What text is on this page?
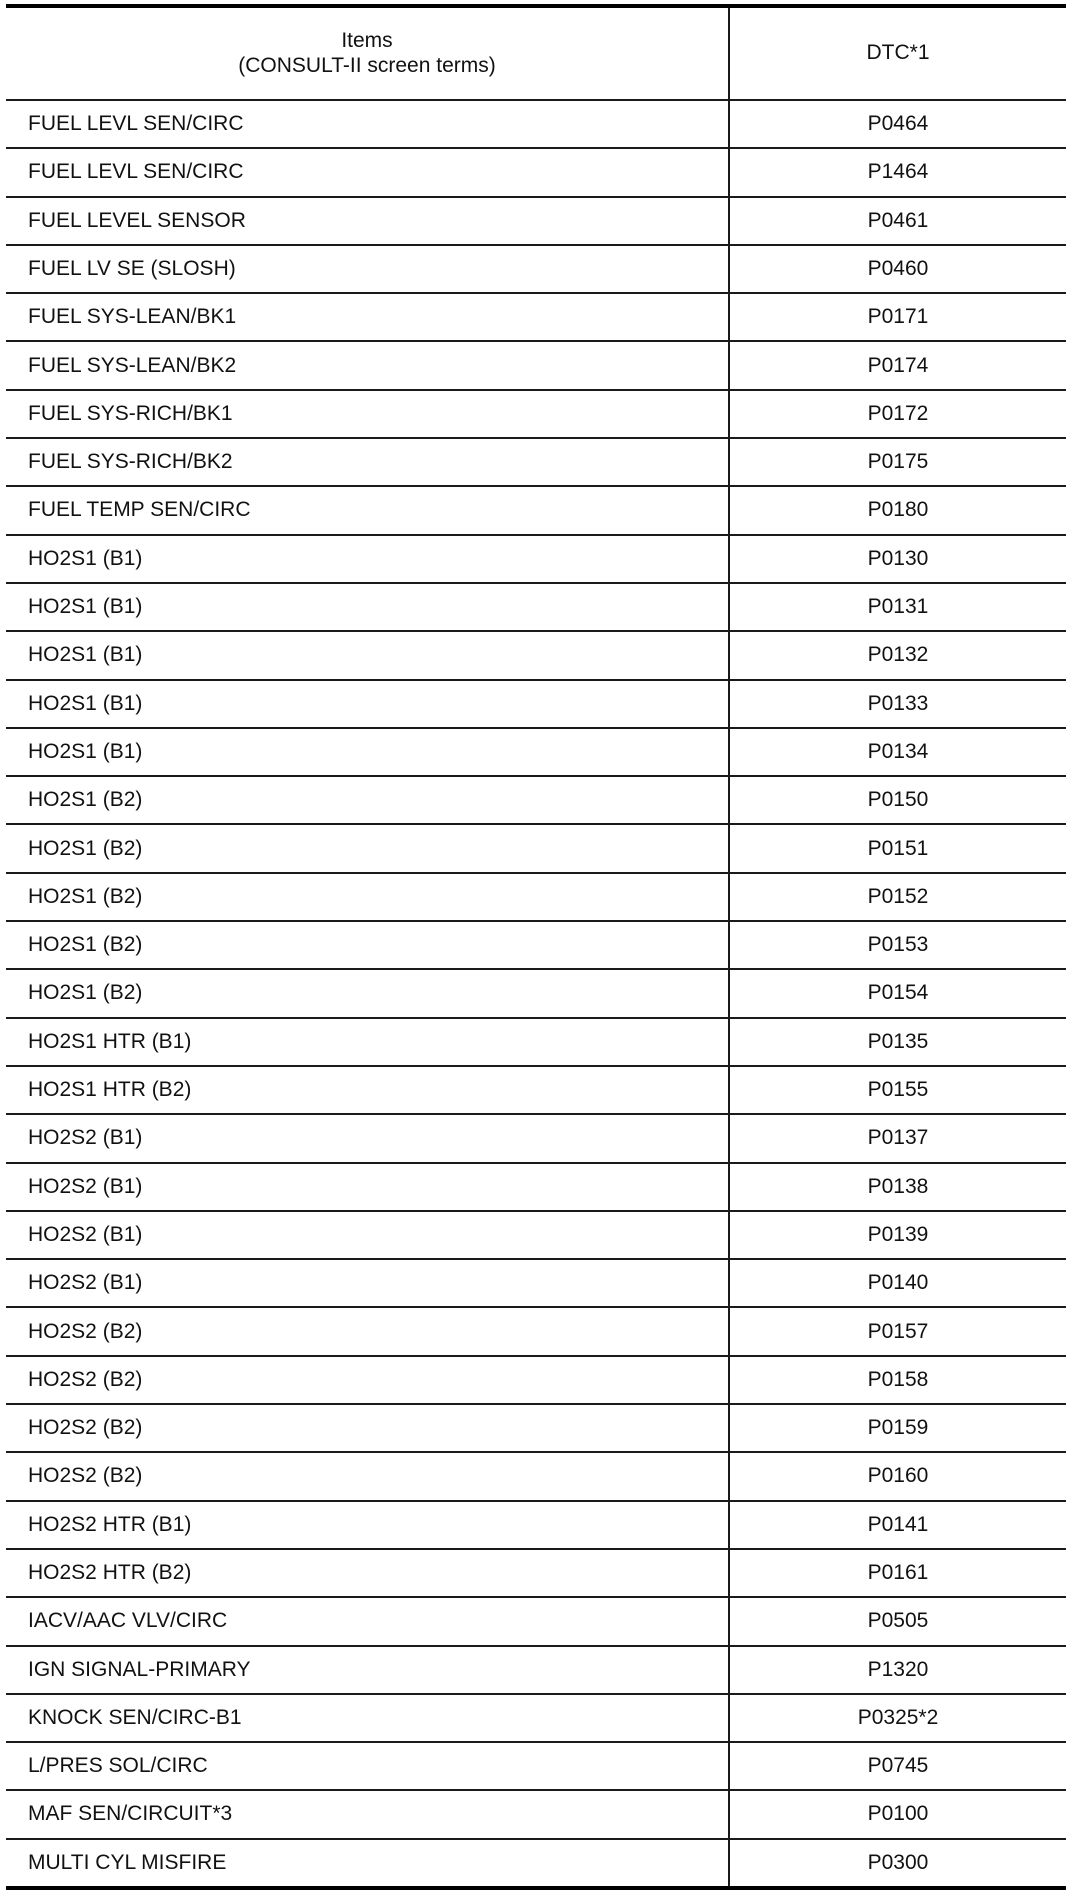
Items
(CONSULT-II screen terms)	DTC*1
FUEL LEVL SEN/CIRC	P0464
FUEL LEVL SEN/CIRC	P1464
FUEL LEVEL SENSOR	P0461
FUEL LV SE (SLOSH)	P0460
FUEL SYS-LEAN/BK1	P0171
FUEL SYS-LEAN/BK2	P0174
FUEL SYS-RICH/BK1	P0172
FUEL SYS-RICH/BK2	P0175
FUEL TEMP SEN/CIRC	P0180
HO2S1 (B1)	P0130
HO2S1 (B1)	P0131
HO2S1 (B1)	P0132
HO2S1 (B1)	P0133
HO2S1 (B1)	P0134
HO2S1 (B2)	P0150
HO2S1 (B2)	P0151
HO2S1 (B2)	P0152
HO2S1 (B2)	P0153
HO2S1 (B2)	P0154
HO2S1 HTR (B1)	P0135
HO2S1 HTR (B2)	P0155
HO2S2 (B1)	P0137
HO2S2 (B1)	P0138
HO2S2 (B1)	P0139
HO2S2 (B1)	P0140
HO2S2 (B2)	P0157
HO2S2 (B2)	P0158
HO2S2 (B2)	P0159
HO2S2 (B2)	P0160
HO2S2 HTR (B1)	P0141
HO2S2 HTR (B2)	P0161
IACV/AAC VLV/CIRC	P0505
IGN SIGNAL-PRIMARY	P1320
KNOCK SEN/CIRC-B1	P0325*2
L/PRES SOL/CIRC	P0745
MAF SEN/CIRCUIT*3	P0100
MULTI CYL MISFIRE	P0300
